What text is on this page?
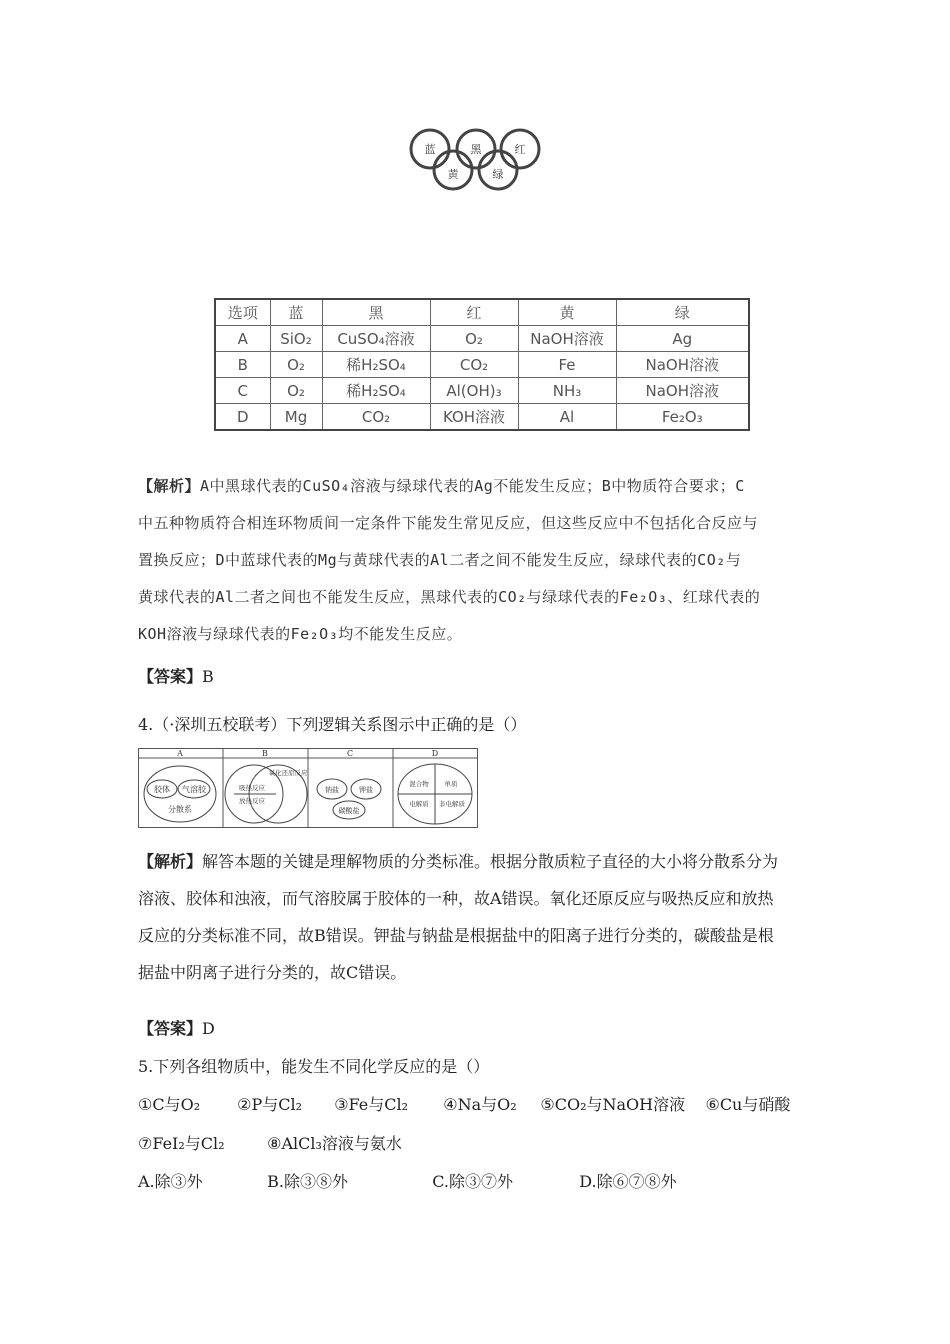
蓝	黑	红
黄	绿
选项	蓝	黑	红	黄	绿
A	SiO₂	CuSO₄溶液	O₂	NaOH溶液	Ag
B	O₂	稀H₂SO₄	CO₂	Fe	NaOH溶液
C	O₂	稀H₂SO₄	Al(OH)₃	NH₃	NaOH溶液
D	Mg	CO₂	KOH溶液	Al	Fe₂O₃
【解析】A中黑球代表的CuSO₄溶液与绿球代表的Ag不能发生反应；B中物质符合要求；C
中五种物质符合相连环物质间一定条件下能发生常见反应，但这些反应中不包括化合反应与
置换反应；D中蓝球代表的Mg与黄球代表的Al二者之间不能发生反应，绿球代表的CO₂与
黄球代表的Al二者之间也不能发生反应，黑球代表的CO₂与绿球代表的Fe₂O₃、红球代表的
KOH溶液与绿球代表的Fe₂O₃均不能发生反应。
【答案】B
4.（·深圳五校联考）下列逻辑关系图示中正确的是（）
A	B	C	D
胶体 气溶胶
分散系
氧化还原反应
吸热反应
放热反应
钠盐	钾盐
碳酸盐
混合物 单质
电解质 非电解质
【解析】解答本题的关键是理解物质的分类标准。根据分散质粒子直径的大小将分散系分为
溶液、胶体和浊液，而气溶胶属于胶体的一种，故A错误。氧化还原反应与吸热反应和放热
反应的分类标准不同，故B错误。钾盐与钠盐是根据盐中的阳离子进行分类的，碳酸盐是根
据盐中阴离子进行分类的，故C错误。
【答案】D
5.下列各组物质中，能发生不同化学反应的是（）
①C与O₂ ②P与Cl₂ ③Fe与Cl₂ ④Na与O₂ ⑤CO₂与NaOH溶液 ⑥Cu与硝酸
⑦FeI₂与Cl₂	⑧AlCl₃溶液与氨水
A.除③外	B.除③⑧外	C.除③⑦外	D.除⑥⑦⑧外
